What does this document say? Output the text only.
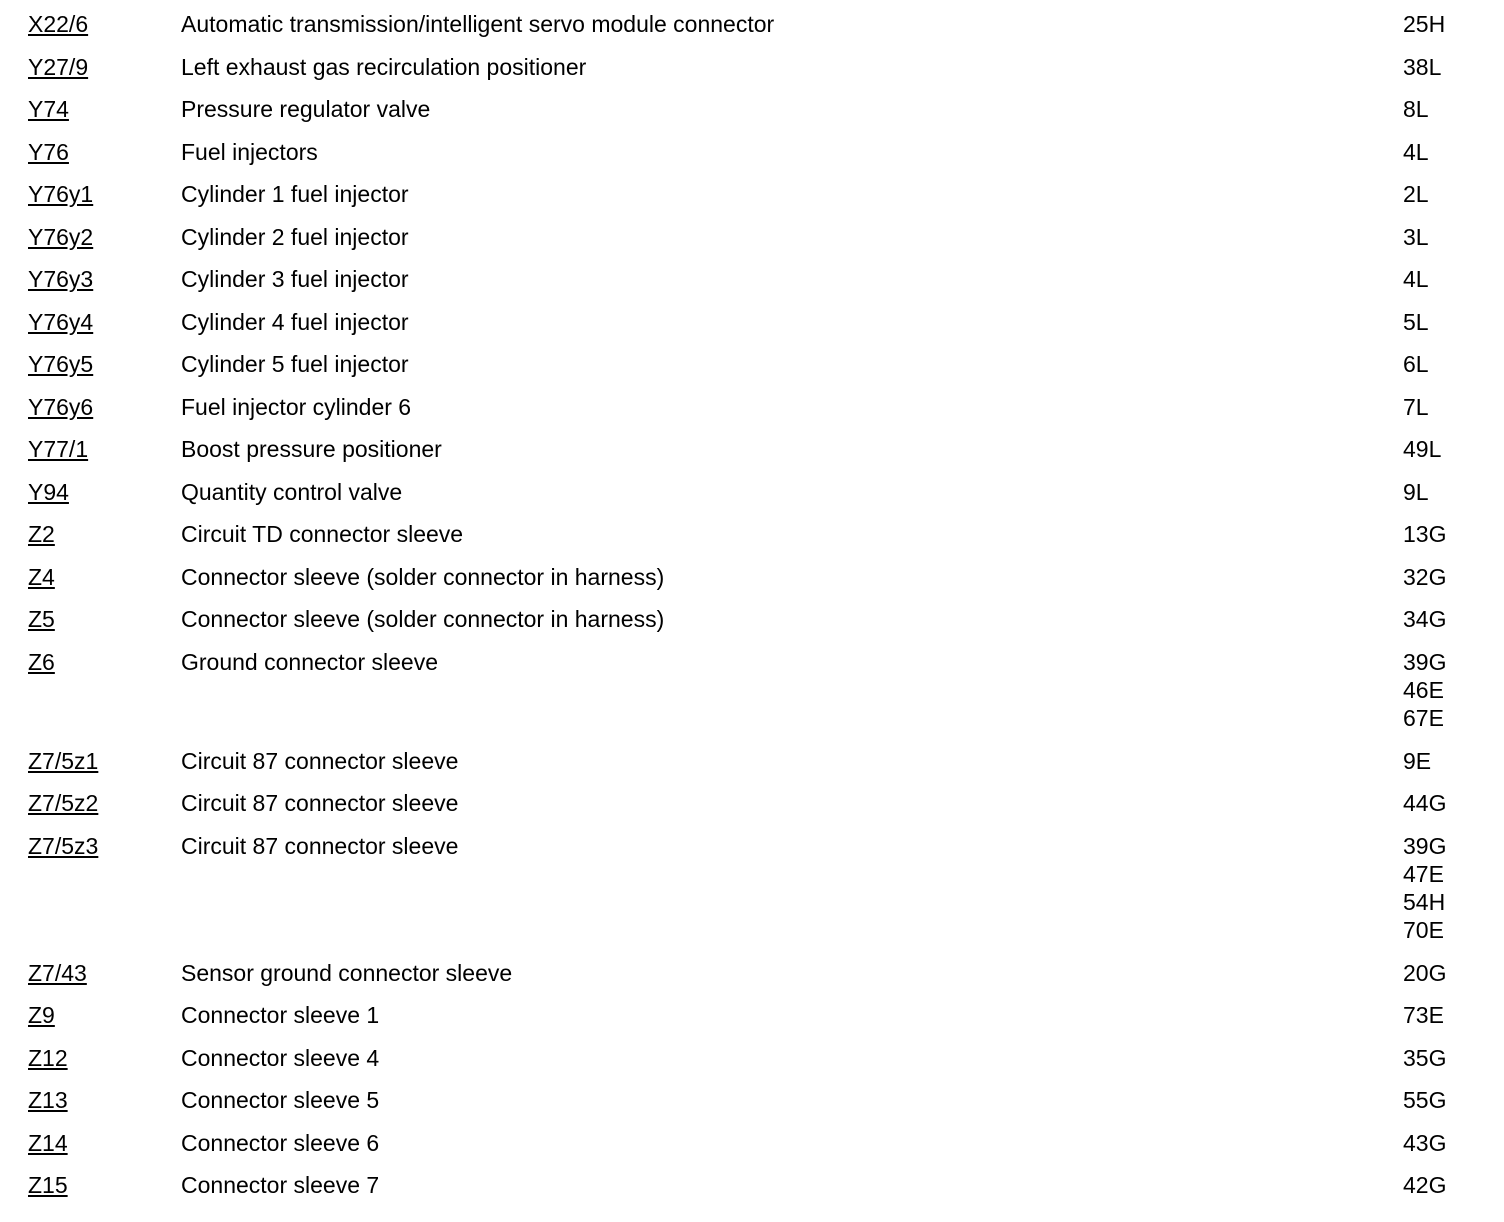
X22/6	Automatic transmission/intelligent servo module connector	25H
Y27/9	Left exhaust gas recirculation positioner	38L
Y74	Pressure regulator valve	8L
Y76	Fuel injectors	4L
Y76y1	Cylinder 1 fuel injector	2L
Y76y2	Cylinder 2 fuel injector	3L
Y76y3	Cylinder 3 fuel injector	4L
Y76y4	Cylinder 4 fuel injector	5L
Y76y5	Cylinder 5 fuel injector	6L
Y76y6	Fuel injector cylinder 6	7L
Y77/1	Boost pressure positioner	49L
Y94	Quantity control valve	9L
Z2	Circuit TD connector sleeve	13G
Z4	Connector sleeve (solder connector in harness)	32G
Z5	Connector sleeve (solder connector in harness)	34G
Z6	Ground connector sleeve	39G
46E
67E
Z7/5z1	Circuit 87 connector sleeve	9E
Z7/5z2	Circuit 87 connector sleeve	44G
Z7/5z3	Circuit 87 connector sleeve	39G
47E
54H
70E
Z7/43	Sensor ground connector sleeve	20G
Z9	Connector sleeve 1	73E
Z12	Connector sleeve 4	35G
Z13	Connector sleeve 5	55G
Z14	Connector sleeve 6	43G
Z15	Connector sleeve 7	42G
